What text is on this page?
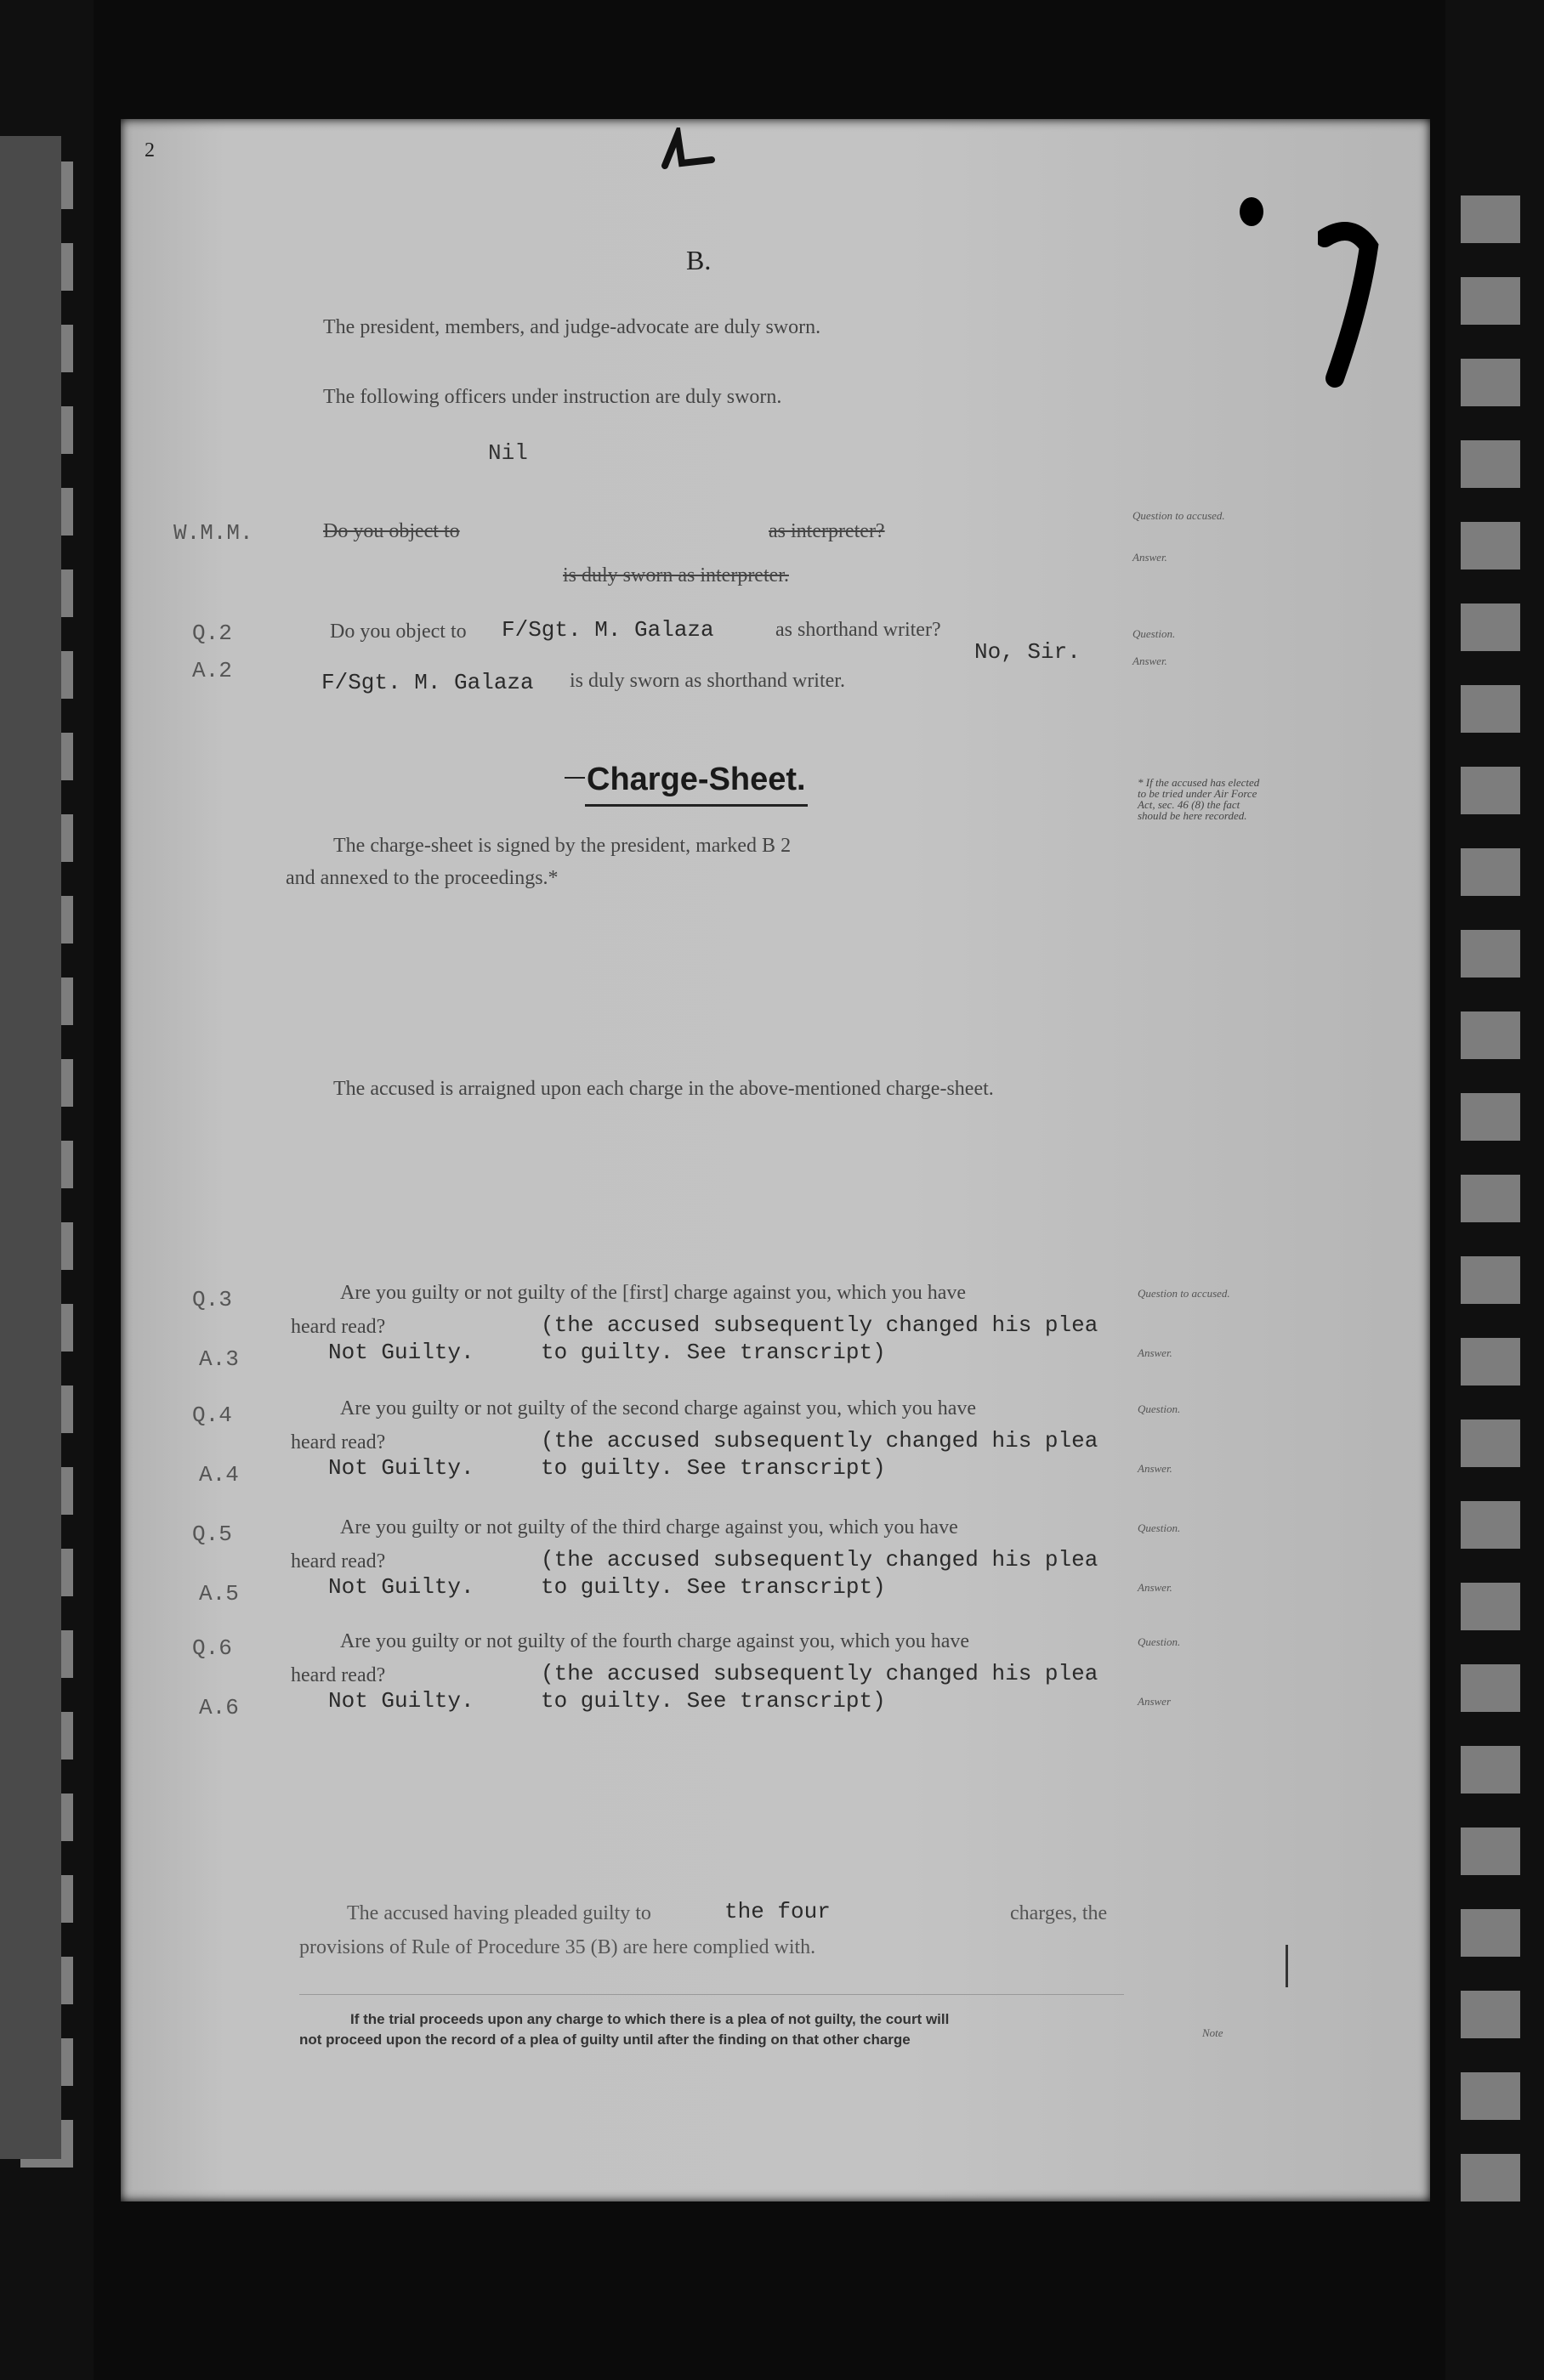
2
B.
The president, members, and judge-advocate are duly sworn.
The following officers under instruction are duly sworn.
Nil
W.M.M.	Do you object to	as interpreter?
is duly sworn as interpreter.
Question to accused.
Answer.
Q.2
A.2
Do you object to F/Sgt. M. Galaza	as shorthand writer?
No, Sir.
F/Sgt. M. Galaza is duly sworn as shorthand writer.
Question.
Answer.
Charge-Sheet.
The charge-sheet is signed by the president, marked B 2
and annexed to the proceedings.*
* If the accused has elected to be tried under Air Force Act, sec. 46 (8) the fact should be here recorded.
The accused is arraigned upon each charge in the above-mentioned charge-sheet.
Q.3	Are you guilty or not guilty of the [first] charge against you, which you have
heard read?	(the accused subsequently changed his plea
A.3	Not Guilty.	to guilty. See transcript)
Question to accused.
Answer.
Q.4	Are you guilty or not guilty of the second charge against you, which you have
heard read?	(the accused subsequently changed his plea
A.4	Not Guilty.	to guilty. See transcript)
Question.
Answer.
Q.5	Are you guilty or not guilty of the third charge against you, which you have
heard read?	(the accused subsequently changed his plea
A.5	Not Guilty.	to guilty. See transcript)
Question.
Answer.
Q.6	Are you guilty or not guilty of the fourth charge against you, which you have
heard read?	(the accused subsequently changed his plea
A.6	Not Guilty.	to guilty. See transcript)
Question.
Answer
The accused having pleaded guilty to	the four	charges, the
provisions of Rule of Procedure 35 (B) are here complied with.
If the trial proceeds upon any charge to which there is a plea of not guilty, the court will
not proceed upon the record of a plea of guilty until after the finding on that other charge	Note
